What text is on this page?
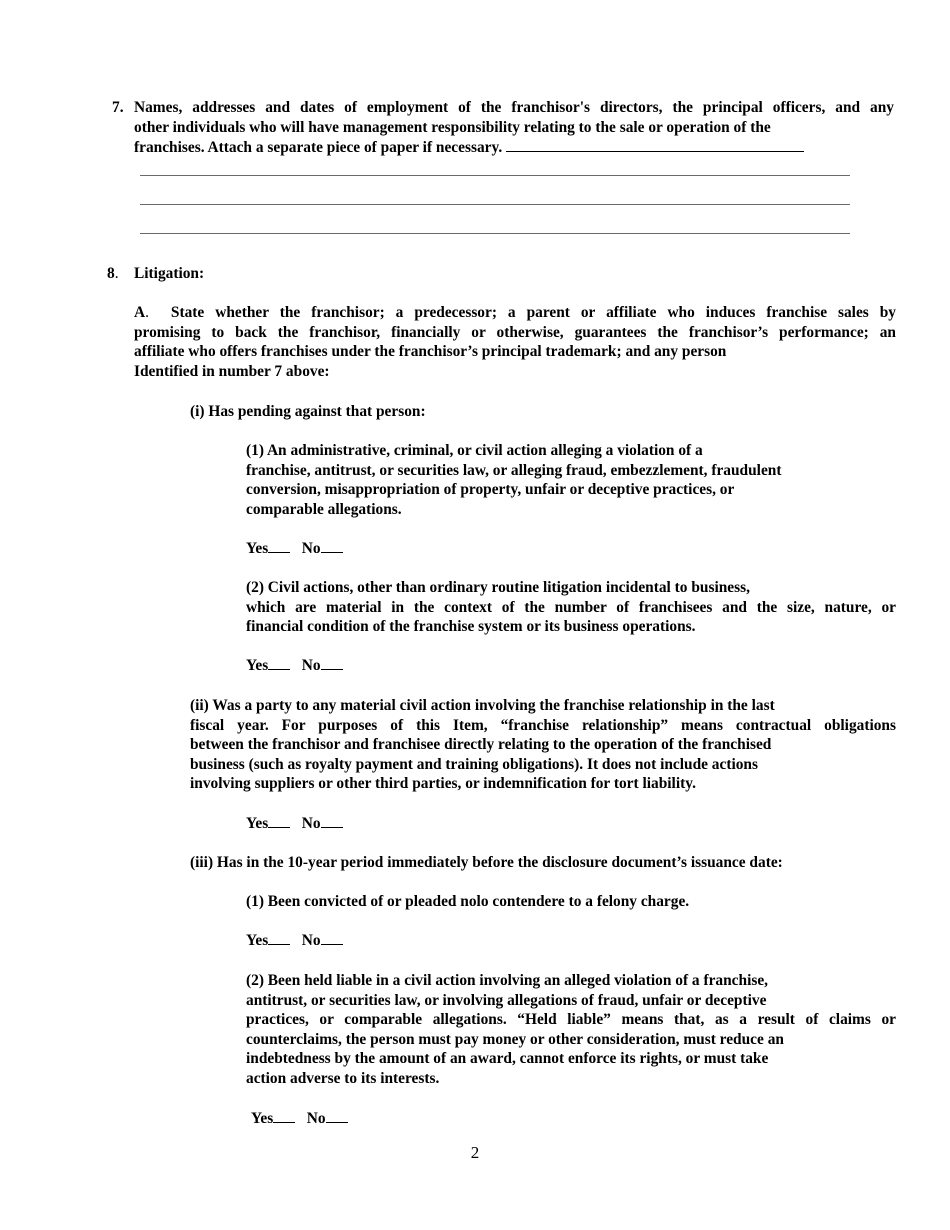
7. Names, addresses and dates of employment of the franchisor's directors, the principal officers, and any
other individuals who will have management responsibility relating to the sale or operation of the
franchises. Attach a separate piece of paper if necessary.
8. Litigation:
A. State whether the franchisor; a predecessor; a parent or affiliate who induces franchise sales by
promising to back the franchisor, financially or otherwise, guarantees the franchisor’s performance; an
affiliate who offers franchises under the franchisor’s principal trademark; and any person
Identified in number 7 above:
(i) Has pending against that person:
(1) An administrative, criminal, or civil action alleging a violation of a
franchise, antitrust, or securities law, or alleging fraud, embezzlement, fraudulent
conversion, misappropriation of property, unfair or deceptive practices, or
comparable allegations.
Yes No
(2) Civil actions, other than ordinary routine litigation incidental to business,
which are material in the context of the number of franchisees and the size, nature, or
financial condition of the franchise system or its business operations.
Yes No
(ii) Was a party to any material civil action involving the franchise relationship in the last
fiscal year. For purposes of this Item, “franchise relationship” means contractual obligations
between the franchisor and franchisee directly relating to the operation of the franchised
business (such as royalty payment and training obligations). It does not include actions
involving suppliers or other third parties, or indemnification for tort liability.
Yes No
(iii) Has in the 10-year period immediately before the disclosure document’s issuance date:
(1) Been convicted of or pleaded nolo contendere to a felony charge.
Yes No
(2) Been held liable in a civil action involving an alleged violation of a franchise,
antitrust, or securities law, or involving allegations of fraud, unfair or deceptive
practices, or comparable allegations. “Held liable” means that, as a result of claims or
counterclaims, the person must pay money or other consideration, must reduce an
indebtedness by the amount of an award, cannot enforce its rights, or must take
action adverse to its interests.
Yes No
2
